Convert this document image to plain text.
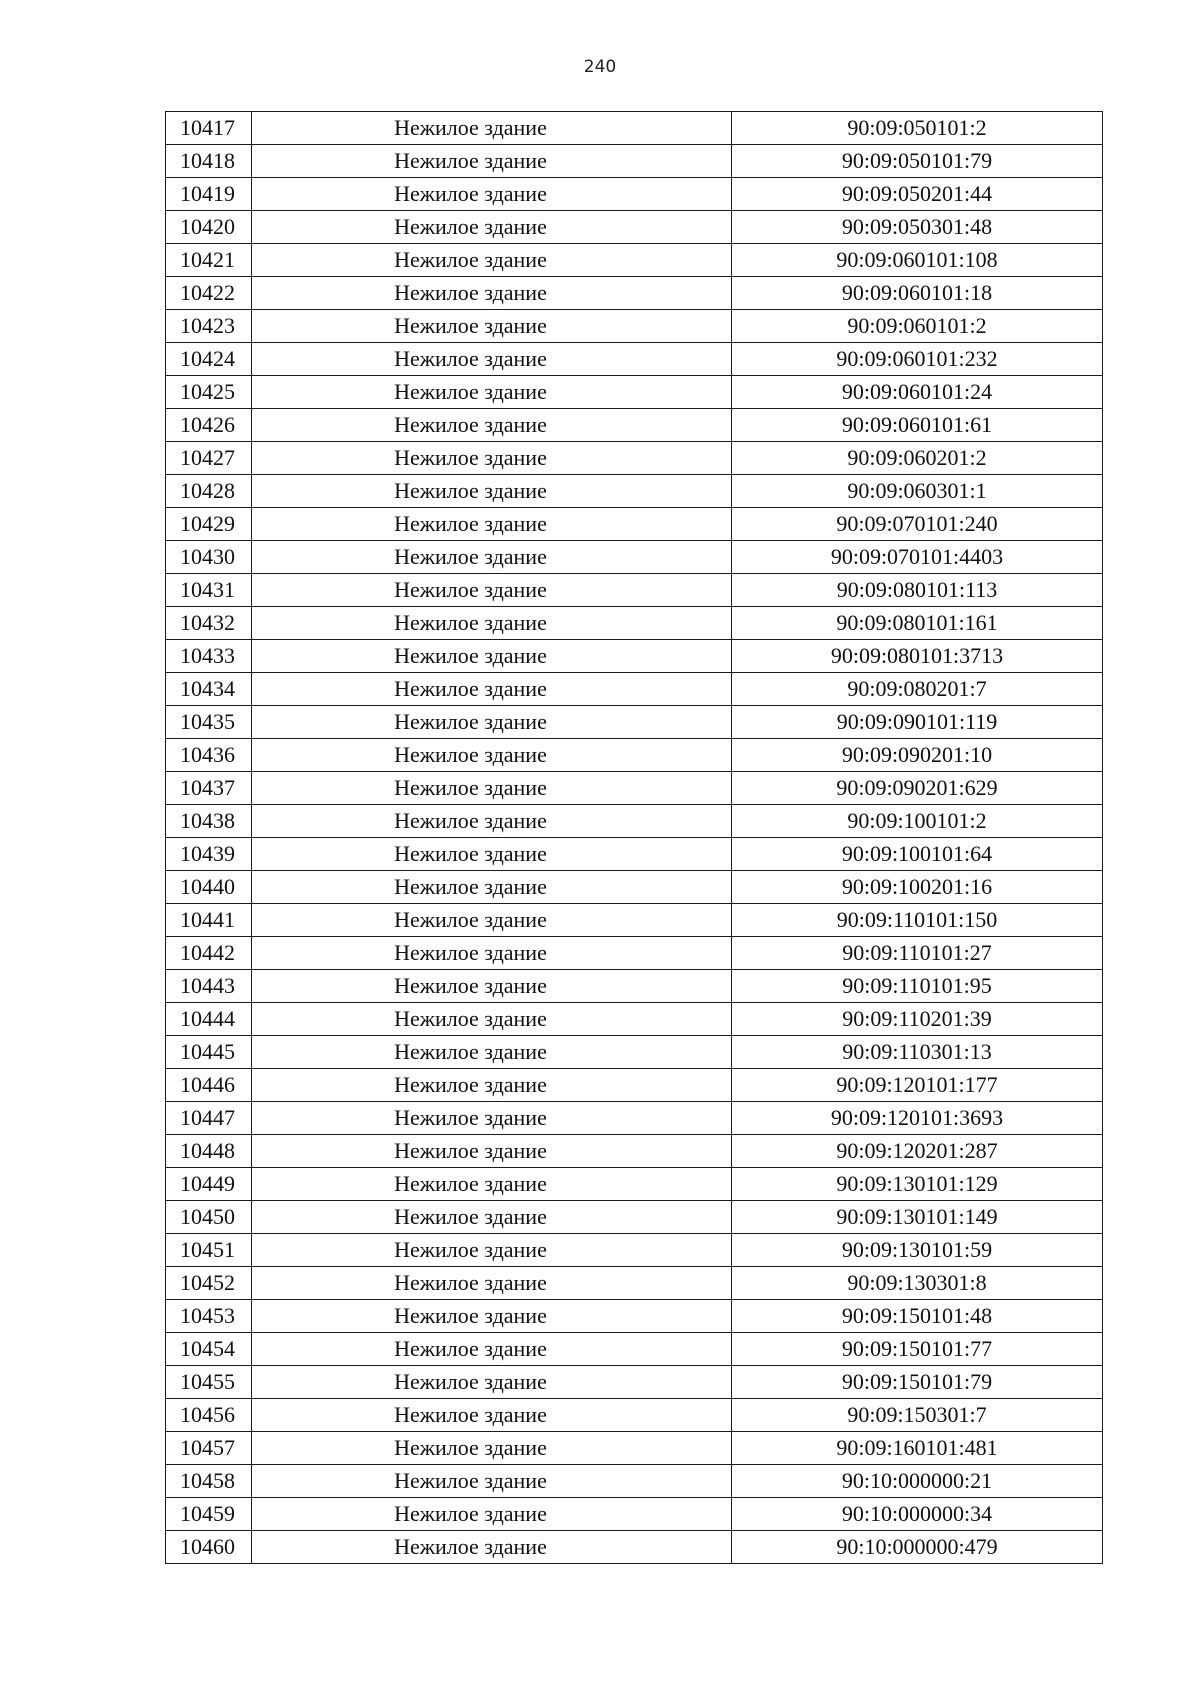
240
10417	Нежилое здание	90:09:050101:2
10418	Нежилое здание	90:09:050101:79
10419	Нежилое здание	90:09:050201:44
10420	Нежилое здание	90:09:050301:48
10421	Нежилое здание	90:09:060101:108
10422	Нежилое здание	90:09:060101:18
10423	Нежилое здание	90:09:060101:2
10424	Нежилое здание	90:09:060101:232
10425	Нежилое здание	90:09:060101:24
10426	Нежилое здание	90:09:060101:61
10427	Нежилое здание	90:09:060201:2
10428	Нежилое здание	90:09:060301:1
10429	Нежилое здание	90:09:070101:240
10430	Нежилое здание	90:09:070101:4403
10431	Нежилое здание	90:09:080101:113
10432	Нежилое здание	90:09:080101:161
10433	Нежилое здание	90:09:080101:3713
10434	Нежилое здание	90:09:080201:7
10435	Нежилое здание	90:09:090101:119
10436	Нежилое здание	90:09:090201:10
10437	Нежилое здание	90:09:090201:629
10438	Нежилое здание	90:09:100101:2
10439	Нежилое здание	90:09:100101:64
10440	Нежилое здание	90:09:100201:16
10441	Нежилое здание	90:09:110101:150
10442	Нежилое здание	90:09:110101:27
10443	Нежилое здание	90:09:110101:95
10444	Нежилое здание	90:09:110201:39
10445	Нежилое здание	90:09:110301:13
10446	Нежилое здание	90:09:120101:177
10447	Нежилое здание	90:09:120101:3693
10448	Нежилое здание	90:09:120201:287
10449	Нежилое здание	90:09:130101:129
10450	Нежилое здание	90:09:130101:149
10451	Нежилое здание	90:09:130101:59
10452	Нежилое здание	90:09:130301:8
10453	Нежилое здание	90:09:150101:48
10454	Нежилое здание	90:09:150101:77
10455	Нежилое здание	90:09:150101:79
10456	Нежилое здание	90:09:150301:7
10457	Нежилое здание	90:09:160101:481
10458	Нежилое здание	90:10:000000:21
10459	Нежилое здание	90:10:000000:34
10460	Нежилое здание	90:10:000000:479
